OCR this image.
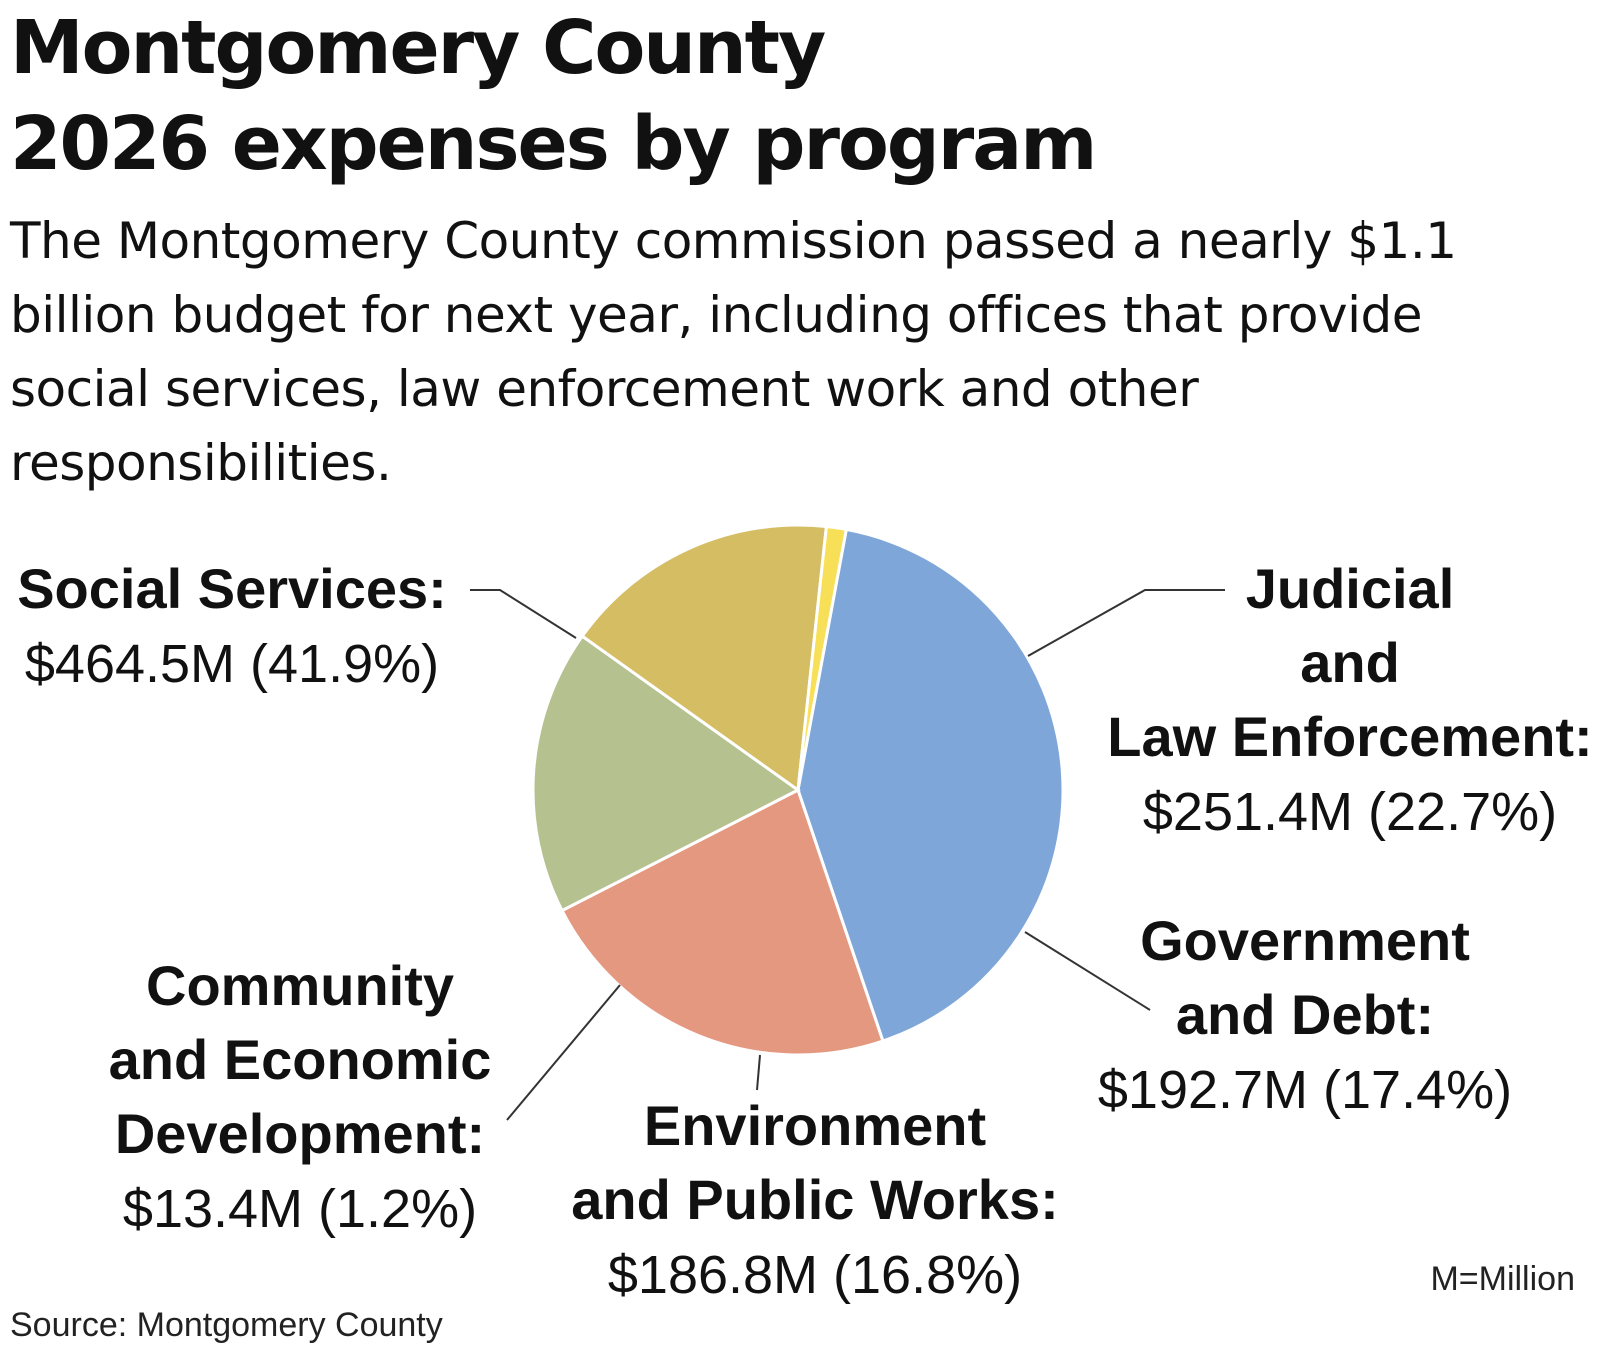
Montgomery County
2026 expenses by program

The Montgomery County commission passed a nearly $1.1 billion budget for next year, including offices that provide social services, law enforcement work and other responsibilities.

Social Services: $464.5M (41.9%)
Judicial and Law Enforcement: $251.4M (22.7%)
Government and Debt: $192.7M (17.4%)
Environment and Public Works: $186.8M (16.8%)
Community and Economic Development: $13.4M (1.2%)
M=Million
Source: Montgomery County
